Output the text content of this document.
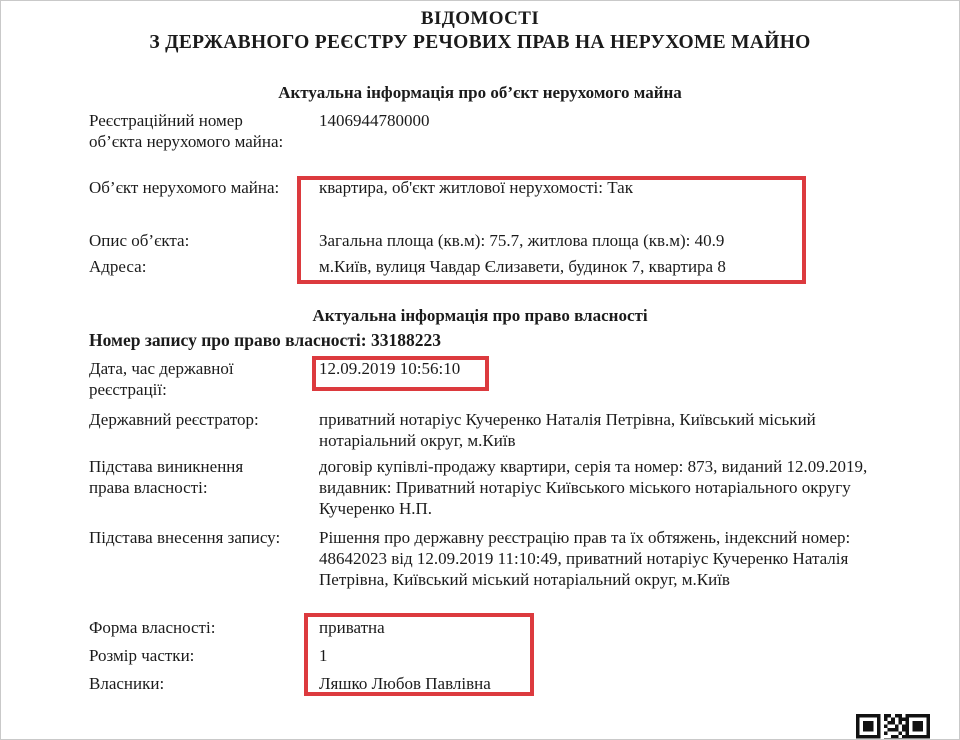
ВІДОМОСТІ
З ДЕРЖАВНОГО РЕЄСТРУ РЕЧОВИХ ПРАВ НА НЕРУХОМЕ МАЙНО
Актуальна інформація про об’єкт нерухомого майна
Реєстраційний номер об’єкта нерухомого майна:
1406944780000
Об’єкт нерухомого майна: квартира, об'єкт житлової нерухомості: Так
Опис об’єкта:	Загальна площа (кв.м): 75.7, житлова площа (кв.м): 40.9
Адреса:	м.Київ, вулиця Чавдар Єлизавети, будинок 7, квартира 8
Актуальна інформація про право власності
Номер запису про право власності: 33188223
Дата, час державної реєстрації:
12.09.2019 10:56:10
Державний реєстратор:	приватний нотаріус Кучеренко Наталія Петрівна, Київський міський нотаріальний округ, м.Київ
Підстава виникнення права власності:
договір купівлі-продажу квартири, серія та номер: 873, виданий 12.09.2019, видавник: Приватний нотаріус Київського міського нотаріального округу Кучеренко Н.П.
Підстава внесення запису: Рішення про державну реєстрацію прав та їх обтяжень, індексний номер: 48642023 від 12.09.2019 11:10:49, приватний нотаріус Кучеренко Наталія Петрівна, Київський міський нотаріальний округ, м.Київ
Форма власності:	приватна
Розмір частки:	1
Власники:	Ляшко Любов Павлівна
